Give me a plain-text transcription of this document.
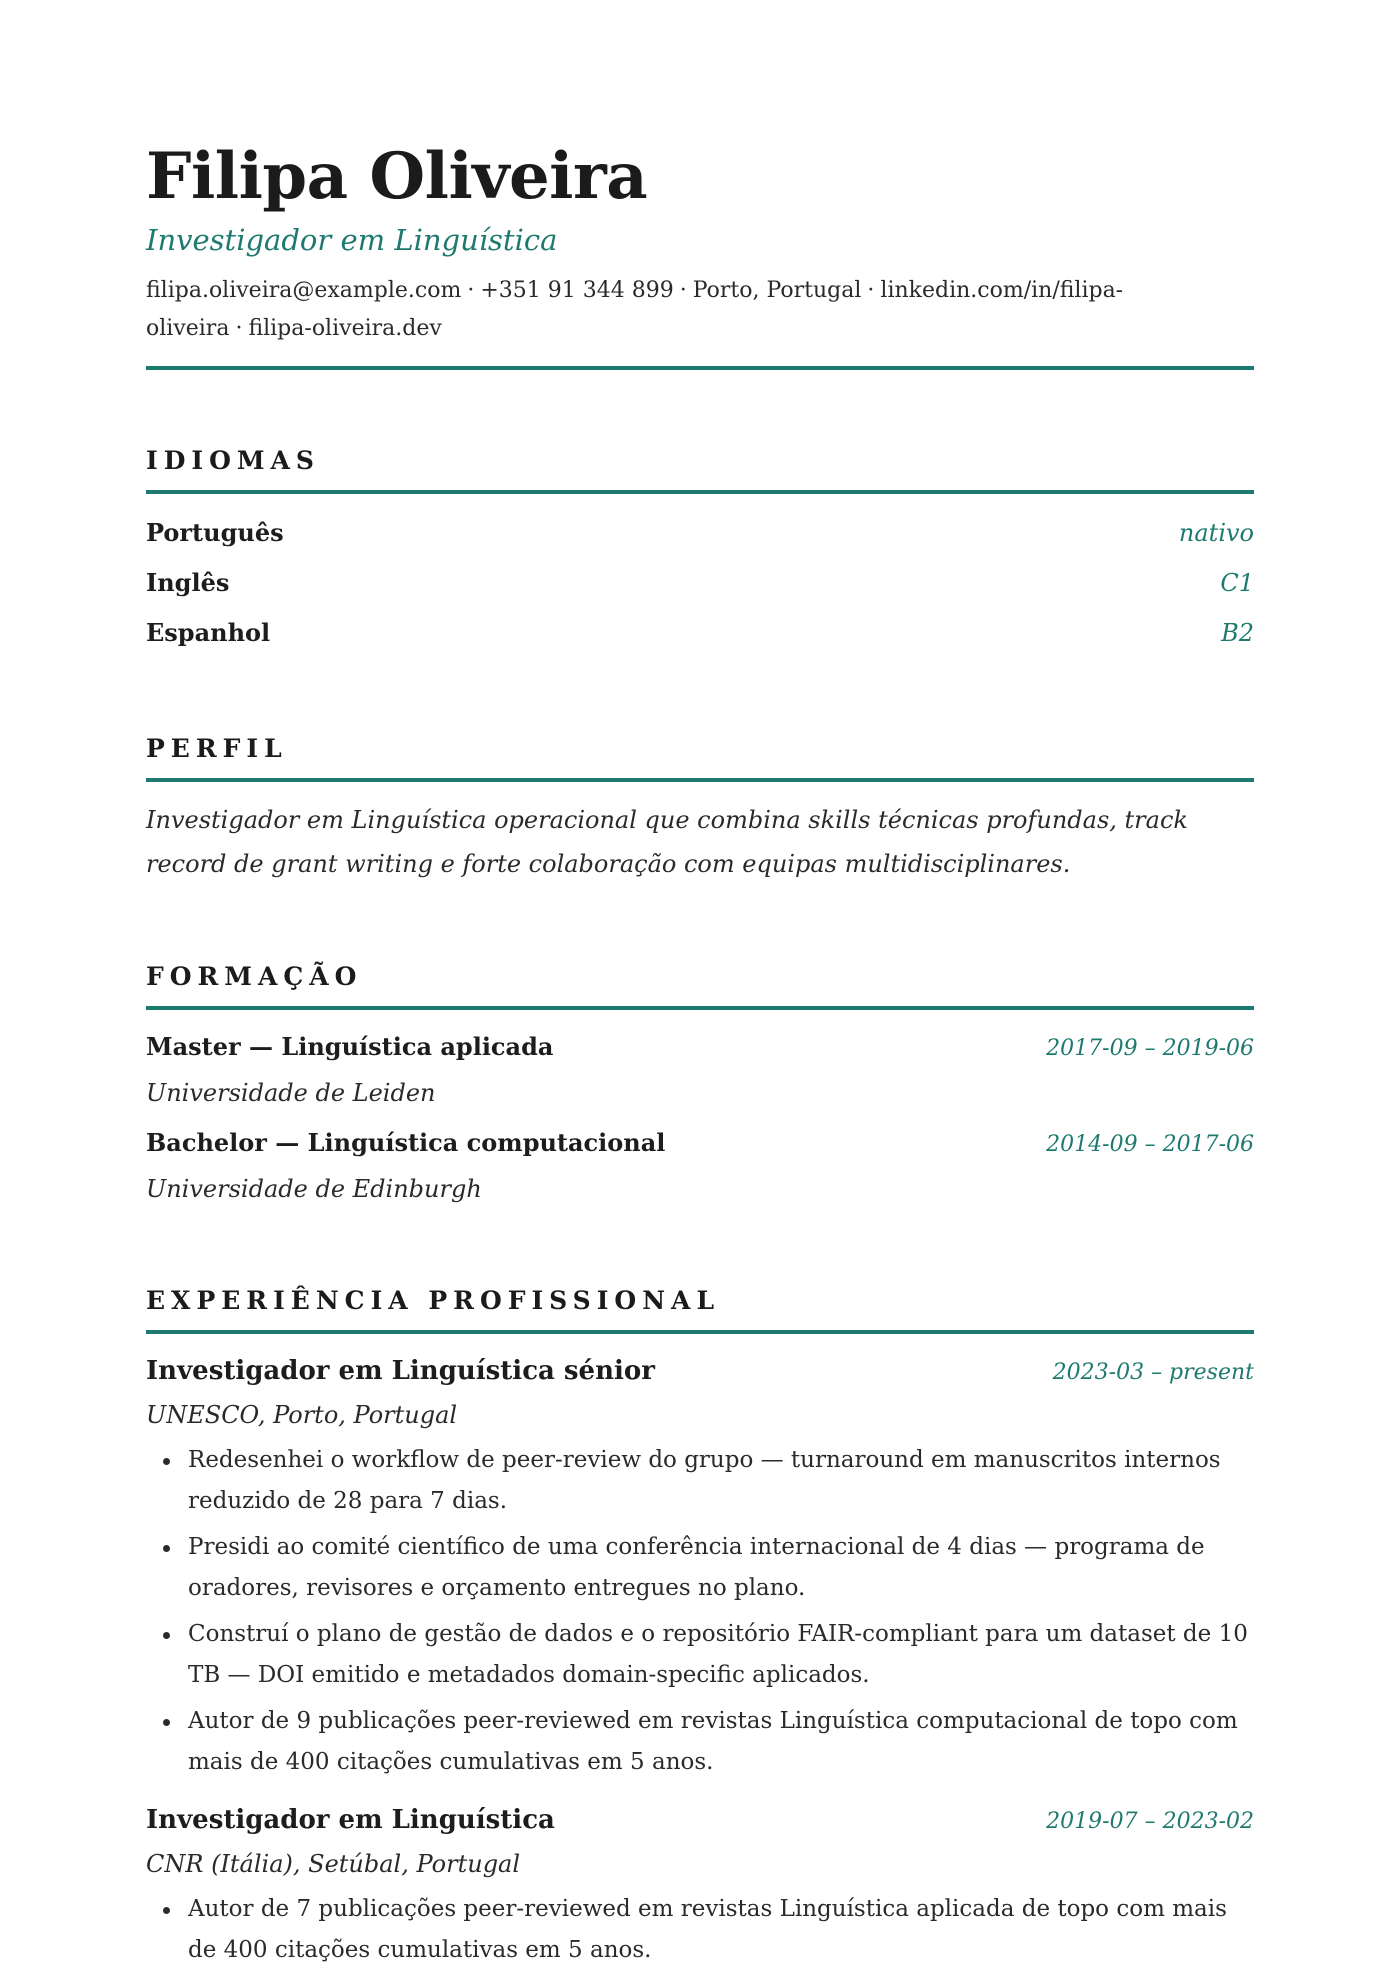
Filipa Oliveira
Investigador em Linguística
filipa.oliveira@example.com · +351 91 344 899 · Porto, Portugal · linkedin.com/in/filipa-oliveira · filipa-oliveira.dev
IDIOMAS
Português	nativo
Inglês	C1
Espanhol	B2
PERFIL

Investigador em Linguística operacional que combina skills técnicas profundas, track record de grant writing e forte colaboração com equipas multidisciplinares.

FORMAÇÃO
Master — Linguística aplicada	2017-09 – 2019-06
Universidade de Leiden
Bachelor — Linguística computacional	2014-09 – 2017-06
Universidade de Edinburgh
EXPERIÊNCIA PROFISSIONAL
Investigador em Linguística sénior	2023-03 – present
UNESCO, Porto, Portugal
Redesenhei o workflow de peer-review do grupo — turnaround em manuscritos internos reduzido de 28 para 7 dias.
Presidi ao comité científico de uma conferência internacional de 4 dias — programa de oradores, revisores e orçamento entregues no plano.
Construí o plano de gestão de dados e o repositório FAIR-compliant para um dataset de 10 TB — DOI emitido e metadados domain-specific aplicados.
Autor de 9 publicações peer-reviewed em revistas Linguística computacional de topo com mais de 400 citações cumulativas em 5 anos.
Investigador em Linguística	2019-07 – 2023-02
CNR (Itália), Setúbal, Portugal
Autor de 7 publicações peer-reviewed em revistas Linguística aplicada de topo com mais de 400 citações cumulativas em 5 anos.
